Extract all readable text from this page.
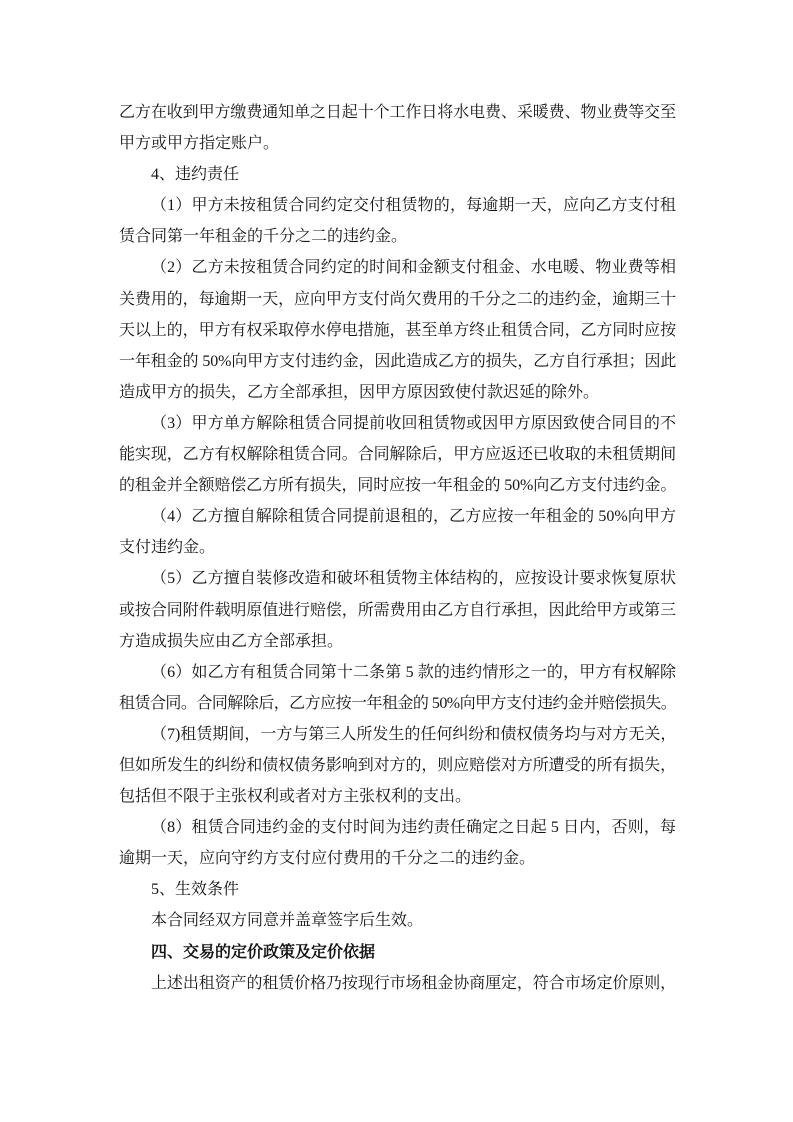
乙方在收到甲方缴费通知单之日起十个工作日将水电费、采暖费、物业费等交至
甲方或甲方指定账户。
4、违约责任
（1）甲方未按租赁合同约定交付租赁物的，每逾期一天，应向乙方支付租
赁合同第一年租金的千分之二的违约金。
（2）乙方未按租赁合同约定的时间和金额支付租金、水电暖、物业费等相
关费用的，每逾期一天，应向甲方支付尚欠费用的千分之二的违约金，逾期三十
天以上的，甲方有权采取停水停电措施，甚至单方终止租赁合同，乙方同时应按
一年租金的 50%向甲方支付违约金，因此造成乙方的损失，乙方自行承担；因此
造成甲方的损失，乙方全部承担，因甲方原因致使付款迟延的除外。
（3）甲方单方解除租赁合同提前收回租赁物或因甲方原因致使合同目的不
能实现，乙方有权解除租赁合同。合同解除后，甲方应返还已收取的未租赁期间
的租金并全额赔偿乙方所有损失，同时应按一年租金的 50%向乙方支付违约金。
（4）乙方擅自解除租赁合同提前退租的，乙方应按一年租金的 50%向甲方
支付违约金。
（5）乙方擅自装修改造和破坏租赁物主体结构的，应按设计要求恢复原状
或按合同附件载明原值进行赔偿，所需费用由乙方自行承担，因此给甲方或第三
方造成损失应由乙方全部承担。
（6）如乙方有租赁合同第十二条第 5 款的违约情形之一的，甲方有权解除
租赁合同。合同解除后，乙方应按一年租金的 50%向甲方支付违约金并赔偿损失。
（7)租赁期间，一方与第三人所发生的任何纠纷和债权债务均与对方无关，
但如所发生的纠纷和债权债务影响到对方的，则应赔偿对方所遭受的所有损失，
包括但不限于主张权利或者对方主张权利的支出。
（8）租赁合同违约金的支付时间为违约责任确定之日起 5 日内，否则，每
逾期一天，应向守约方支付应付费用的千分之二的违约金。
5、生效条件
本合同经双方同意并盖章签字后生效。
四、交易的定价政策及定价依据
上述出租资产的租赁价格乃按现行市场租金协商厘定，符合市场定价原则，
